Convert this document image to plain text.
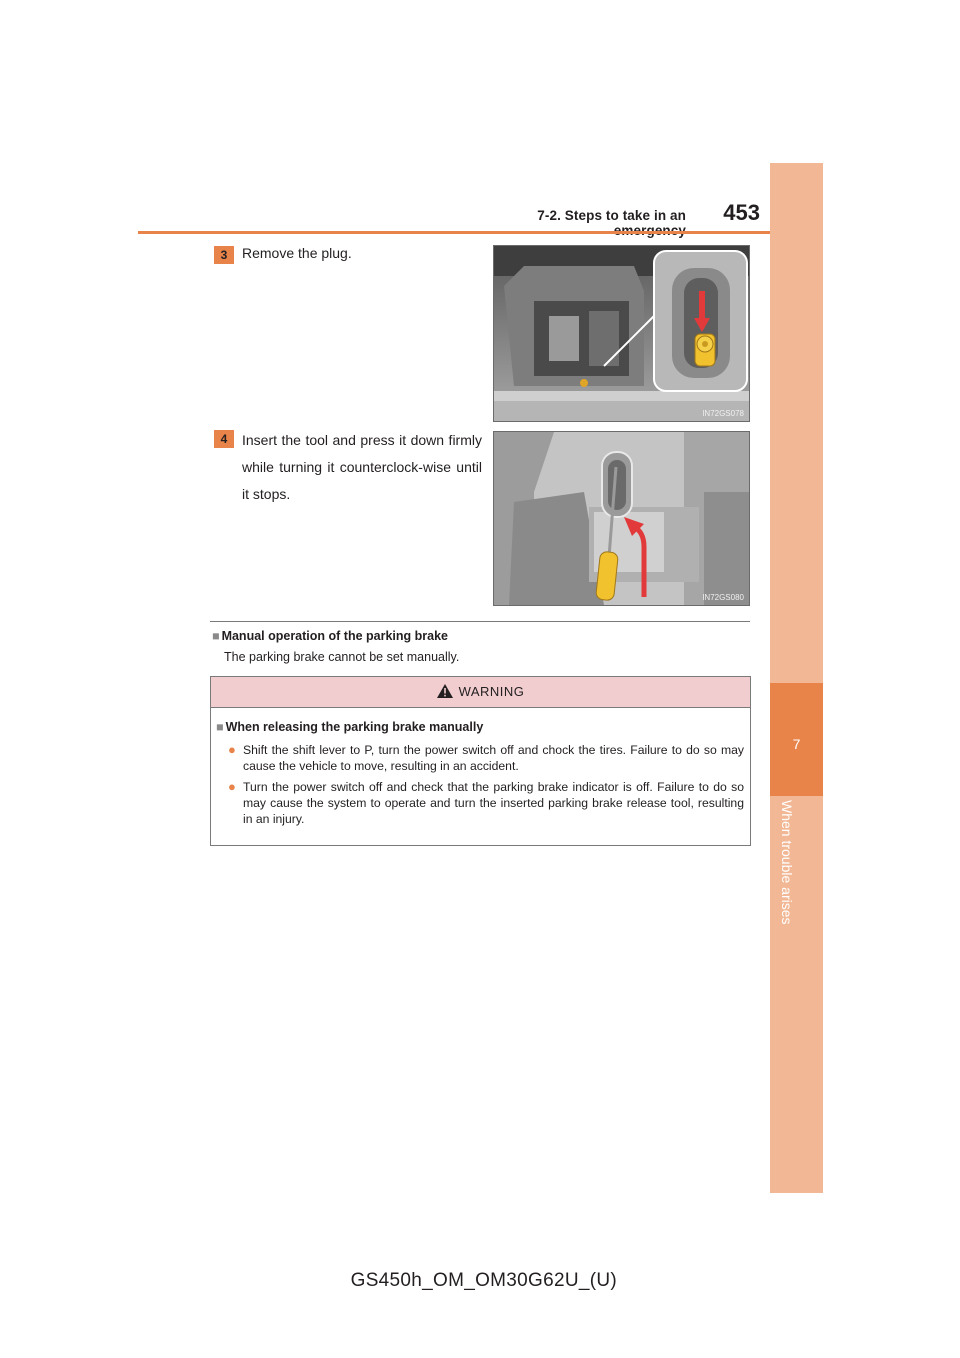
7-2. Steps to take in an	453
7
When trouble arises
3	Remove the plug.
IN72GS078
4	Insert the tool and press it down firmly while turning it counterclock-wise until it stops.
IN72GS080
■ Manual operation of the parking brake
The parking brake cannot be set manually.
WARNING
■ When releasing the parking brake manually
● Shift the shift lever to P, turn the power switch off and chock the tires. Failure to do so may cause the vehicle to move, resulting in an accident.
● Turn the power switch off and check that the parking brake indicator is off. Failure to do so may cause the system to operate and turn the inserted parking brake release tool, resulting in an injury.
GS450h_OM_OM30G62U_(U)
